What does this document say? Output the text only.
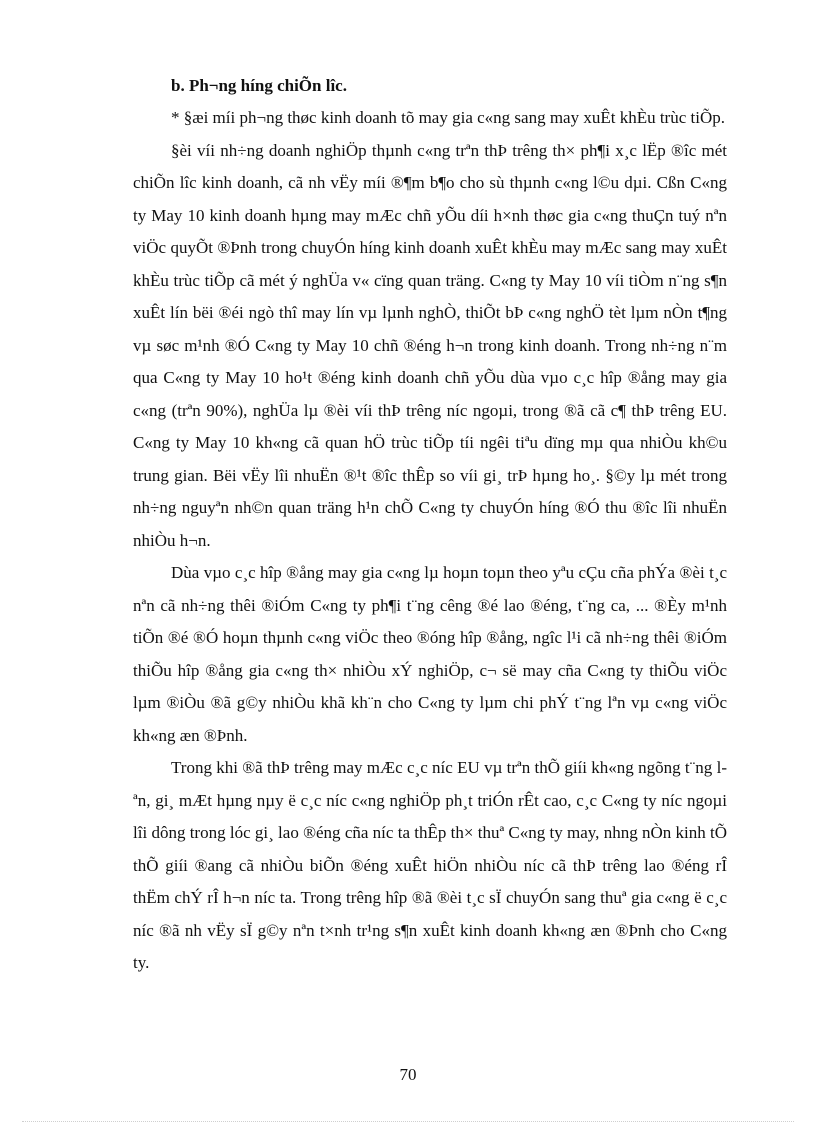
b. Ph¬ng híng chiÕn lîc.

* §æi míi ph¬ng thøc kinh doanh tõ may gia c«ng sang may xuÊt khÈu trùc tiÕp.

§èi víi nh÷ng doanh nghiÖp thµnh c«ng trªn thÞ trêng th× ph¶i x¸c lËp ®îc mét chiÕn lîc kinh doanh, cã nh vËy míi ®¶m b¶o cho sù thµnh c«ng l©u dµi. Cßn C«ng ty May 10 kinh doanh hµng may mÆc chñ yÕu díi h×nh thøc gia c«ng thuÇn tuý nªn viÖc quyÕt ®Þnh trong chuyÓn híng kinh doanh xuÊt khÈu may mÆc sang may xuÊt khÈu trùc tiÕp cã mét ý nghÜa v« cïng quan träng. C«ng ty May 10 víi tiÒm n¨ng s¶n xuÊt lín bëi ®éi ngò thî may lín vµ lµnh nghÒ, thiÕt bÞ c«ng nghÖ tèt lµm nÒn t¶ng vµ søc m¹nh ®Ó C«ng ty May 10 chñ ®éng h¬n trong kinh doanh. Trong nh÷ng n¨m qua C«ng ty May 10 ho¹t ®éng kinh doanh chñ yÕu dùa vµo c¸c hîp ®ång may gia c«ng (trªn 90%), nghÜa lµ ®èi víi thÞ trêng níc ngoµi, trong ®ã cã c¶ thÞ trêng EU. C«ng ty May 10 kh«ng cã quan hÖ trùc tiÕp tíi ngêi tiªu dïng mµ qua nhiÒu kh©u trung gian. Bëi vËy lîi nhuËn ®¹t ®îc thÊp so víi gi¸ trÞ hµng ho¸. §©y lµ mét trong nh÷ng nguyªn nh©n quan träng h¹n chÕ C«ng ty chuyÓn híng ®Ó thu ®îc lîi nhuËn nhiÒu h¬n.

Dùa vµo c¸c hîp ®ång may gia c«ng lµ hoµn toµn theo yªu cÇu cña phÝa ®èi t¸c nªn cã nh÷ng thêi ®iÓm C«ng ty ph¶i t¨ng cêng ®é lao ®éng, t¨ng ca, ... ®Èy m¹nh tiÕn ®é ®Ó hoµn thµnh c«ng viÖc theo ®óng hîp ®ång, ngîc l¹i cã nh÷ng thêi ®iÓm thiÕu hîp ®ång gia c«ng th× nhiÒu xÝ nghiÖp, c¬ së may cña C«ng ty thiÕu viÖc lµm ®iÒu ®ã g©y nhiÒu khã kh¨n cho C«ng ty lµm chi phÝ t¨ng lªn vµ c«ng viÖc kh«ng æn ®Þnh.

Trong khi ®ã thÞ trêng may mÆc c¸c níc EU vµ trªn thÕ giíi kh«ng ngõng t¨ng lªn, gi¸ mÆt hµng nµy ë c¸c níc c«ng nghiÖp ph¸t triÓn rÊt cao, c¸c C«ng ty níc ngoµi lîi dông trong lóc gi¸ lao ®éng cña níc ta thÊp th× thuª C«ng ty may, nhng nÒn kinh tÕ thÕ giíi ®ang cã nhiÒu biÕn ®éng xuÊt hiÖn nhiÒu níc cã thÞ trêng lao ®éng rÎ thËm chÝ rÎ h¬n níc ta. Trong trêng hîp ®ã ®èi t¸c sÏ chuyÓn sang thuª gia c«ng ë c¸c níc ®ã nh vËy sÏ g©y nªn t×nh tr¹ng s¶n xuÊt kinh doanh kh«ng æn ®Þnh cho C«ng ty.

70
